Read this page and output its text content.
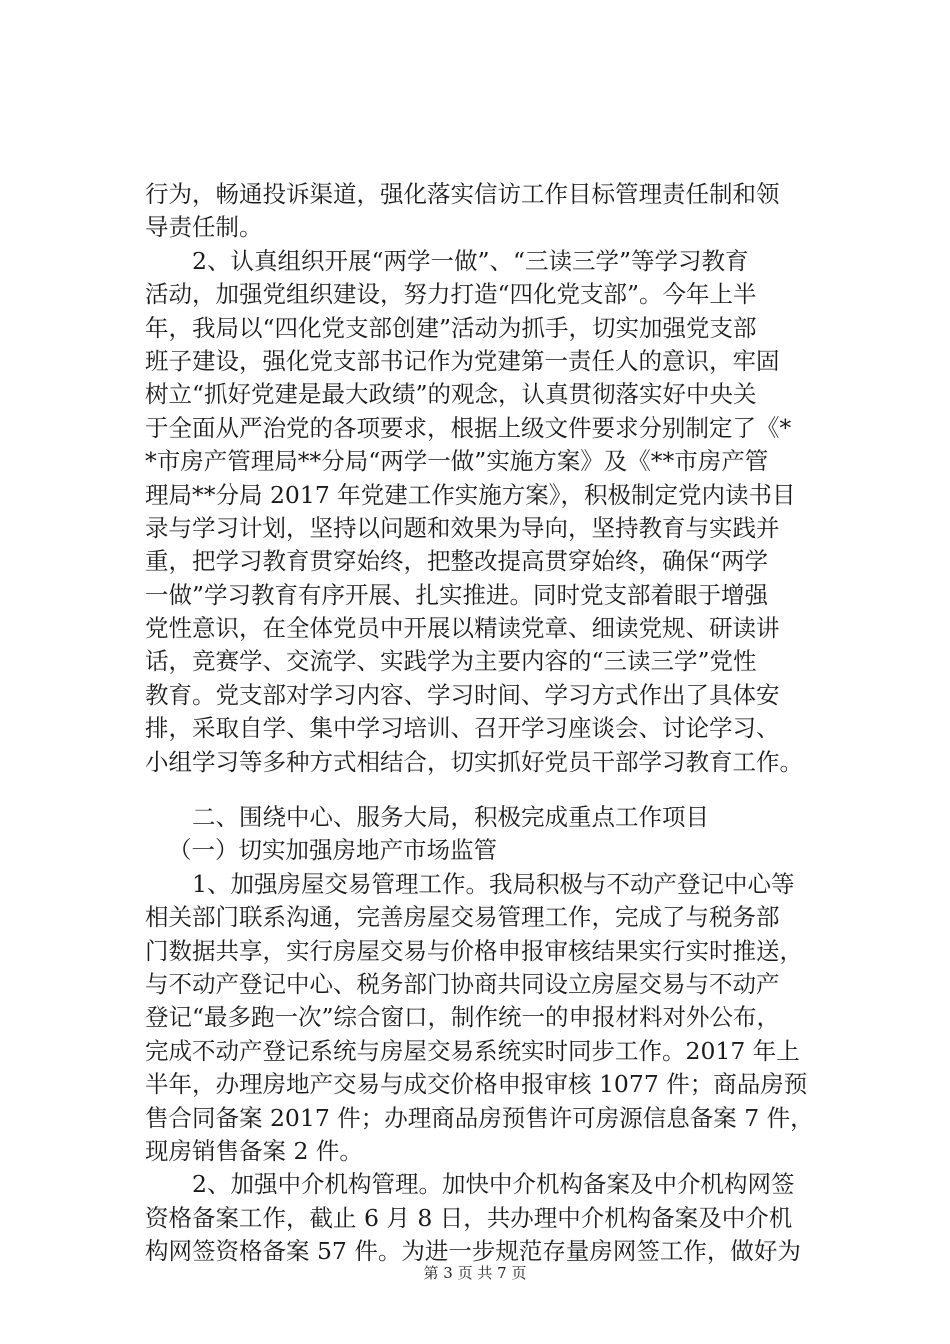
行为，畅通投诉渠道，强化落实信访工作目标管理责任制和领
导责任制。
2、认真组织开展“两学一做”、“三读三学”等学习教育
活动，加强党组织建设，努力打造“四化党支部”。今年上半
年，我局以“四化党支部创建”活动为抓手，切实加强党支部
班子建设，强化党支部书记作为党建第一责任人的意识，牢固
树立“抓好党建是最大政绩”的观念，认真贯彻落实好中央关
于全面从严治党的各项要求，根据上级文件要求分别制定了《*
*市房产管理局**分局“两学一做”实施方案》及《**市房产管
理局**分局 2017 年党建工作实施方案》，积极制定党内读书目
录与学习计划，坚持以问题和效果为导向，坚持教育与实践并
重，把学习教育贯穿始终，把整改提高贯穿始终，确保“两学
一做”学习教育有序开展、扎实推进。同时党支部着眼于增强
党性意识，在全体党员中开展以精读党章、细读党规、研读讲
话，竞赛学、交流学、实践学为主要内容的“三读三学”党性
教育。党支部对学习内容、学习时间、学习方式作出了具体安
排，采取自学、集中学习培训、召开学习座谈会、讨论学习、
小组学习等多种方式相结合，切实抓好党员干部学习教育工作。
二、围绕中心、服务大局，积极完成重点工作项目
（一）切实加强房地产市场监管
1、加强房屋交易管理工作。我局积极与不动产登记中心等
相关部门联系沟通，完善房屋交易管理工作，完成了与税务部
门数据共享，实行房屋交易与价格申报审核结果实行实时推送，
与不动产登记中心、税务部门协商共同设立房屋交易与不动产
登记“最多跑一次”综合窗口，制作统一的申报材料对外公布，
完成不动产登记系统与房屋交易系统实时同步工作。2017 年上
半年，办理房地产交易与成交价格申报审核 1077 件；商品房预
售合同备案 2017 件；办理商品房预售许可房源信息备案 7 件，
现房销售备案 2 件。
2、加强中介机构管理。加快中介机构备案及中介机构网签
资格备案工作，截止 6 月 8 日，共办理中介机构备案及中介机
构网签资格备案 57 件。为进一步规范存量房网签工作，做好为
第 3 页 共 7 页
